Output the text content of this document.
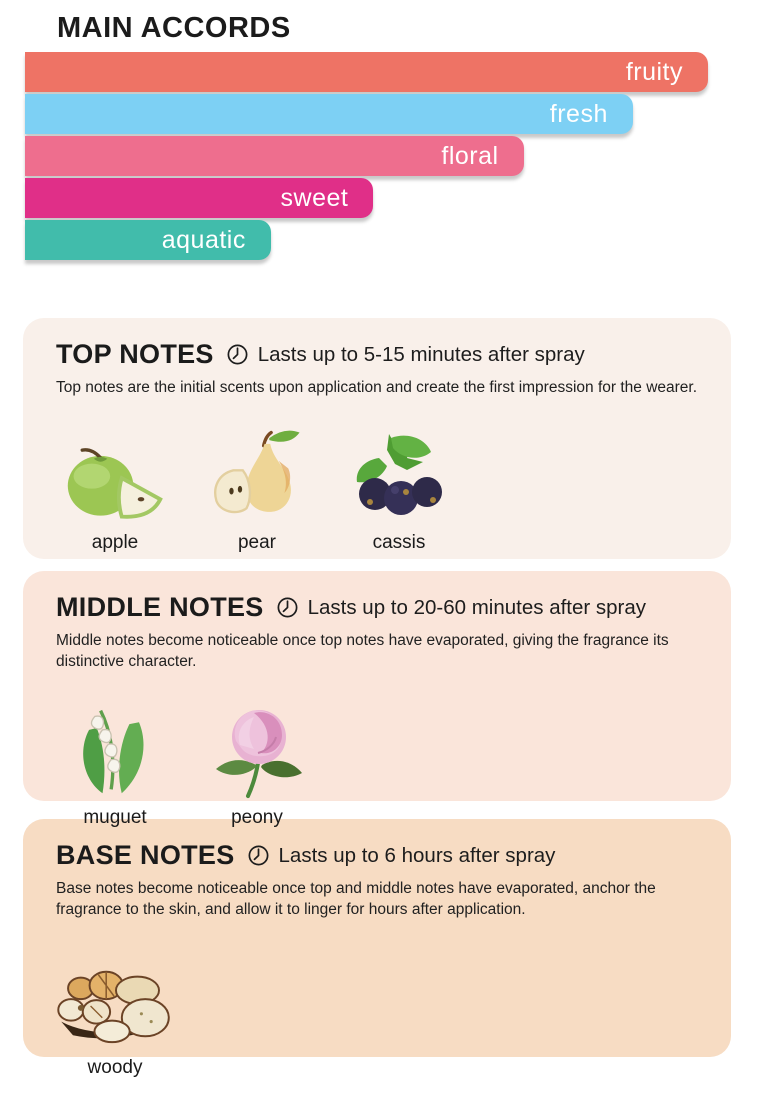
MAIN ACCORDS
fruity
fresh
floral
sweet
aquatic
TOP NOTES Lasts up to 5-15 minutes after spray

Top notes are the initial scents upon application and create the first impression for the wearer.

apple	pear	cassis
MIDDLE NOTES Lasts up to 20-60 minutes after spray

Middle notes become noticeable once top notes have evaporated, giving the fragrance its distinctive character.

muguet	peony
BASE NOTES Lasts up to 6 hours after spray

Base notes become noticeable once top and middle notes have evaporated, anchor the fragrance to the skin, and allow it to linger for hours after application.

woody
